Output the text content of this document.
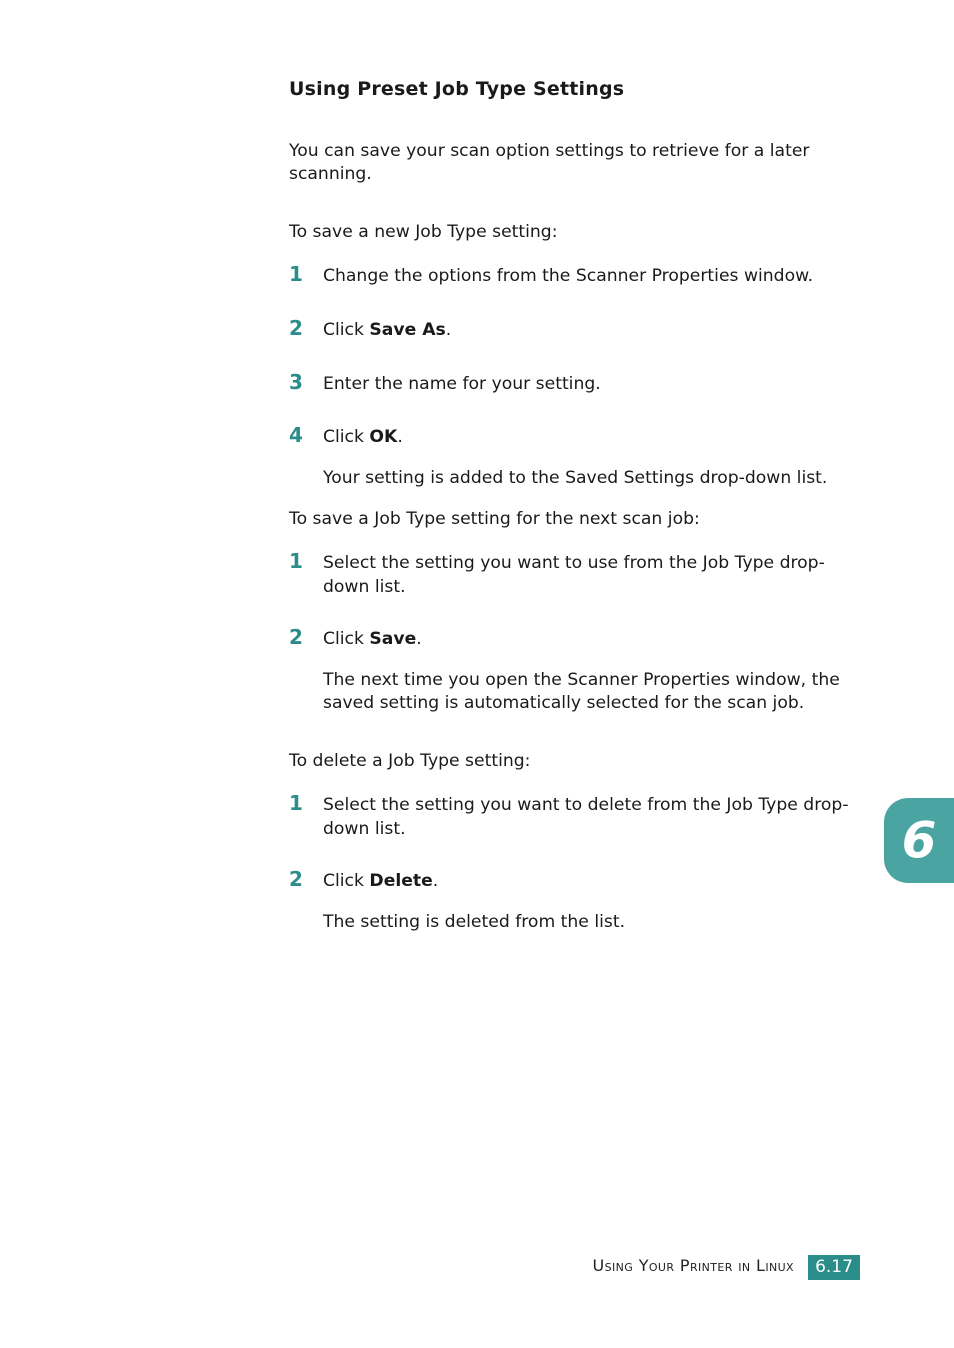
Using Preset Job Type Settings

You can save your scan option settings to retrieve for a later scanning.

To save a new Job Type setting:

1 Change the options from the Scanner Properties window.

2 Click Save As.

3 Enter the name for your setting.

4 Click OK.

Your setting is added to the Saved Settings drop-down list.

To save a Job Type setting for the next scan job:

1 Select the setting you want to use from the Job Type drop-down list.

2 Click Save.

The next time you open the Scanner Properties window, the saved setting is automatically selected for the scan job.

To delete a Job Type setting:

1 Select the setting you want to delete from the Job Type drop-down list.

2 Click Delete.

The setting is deleted from the list.

6
Using Your Printer in Linux	6.17
